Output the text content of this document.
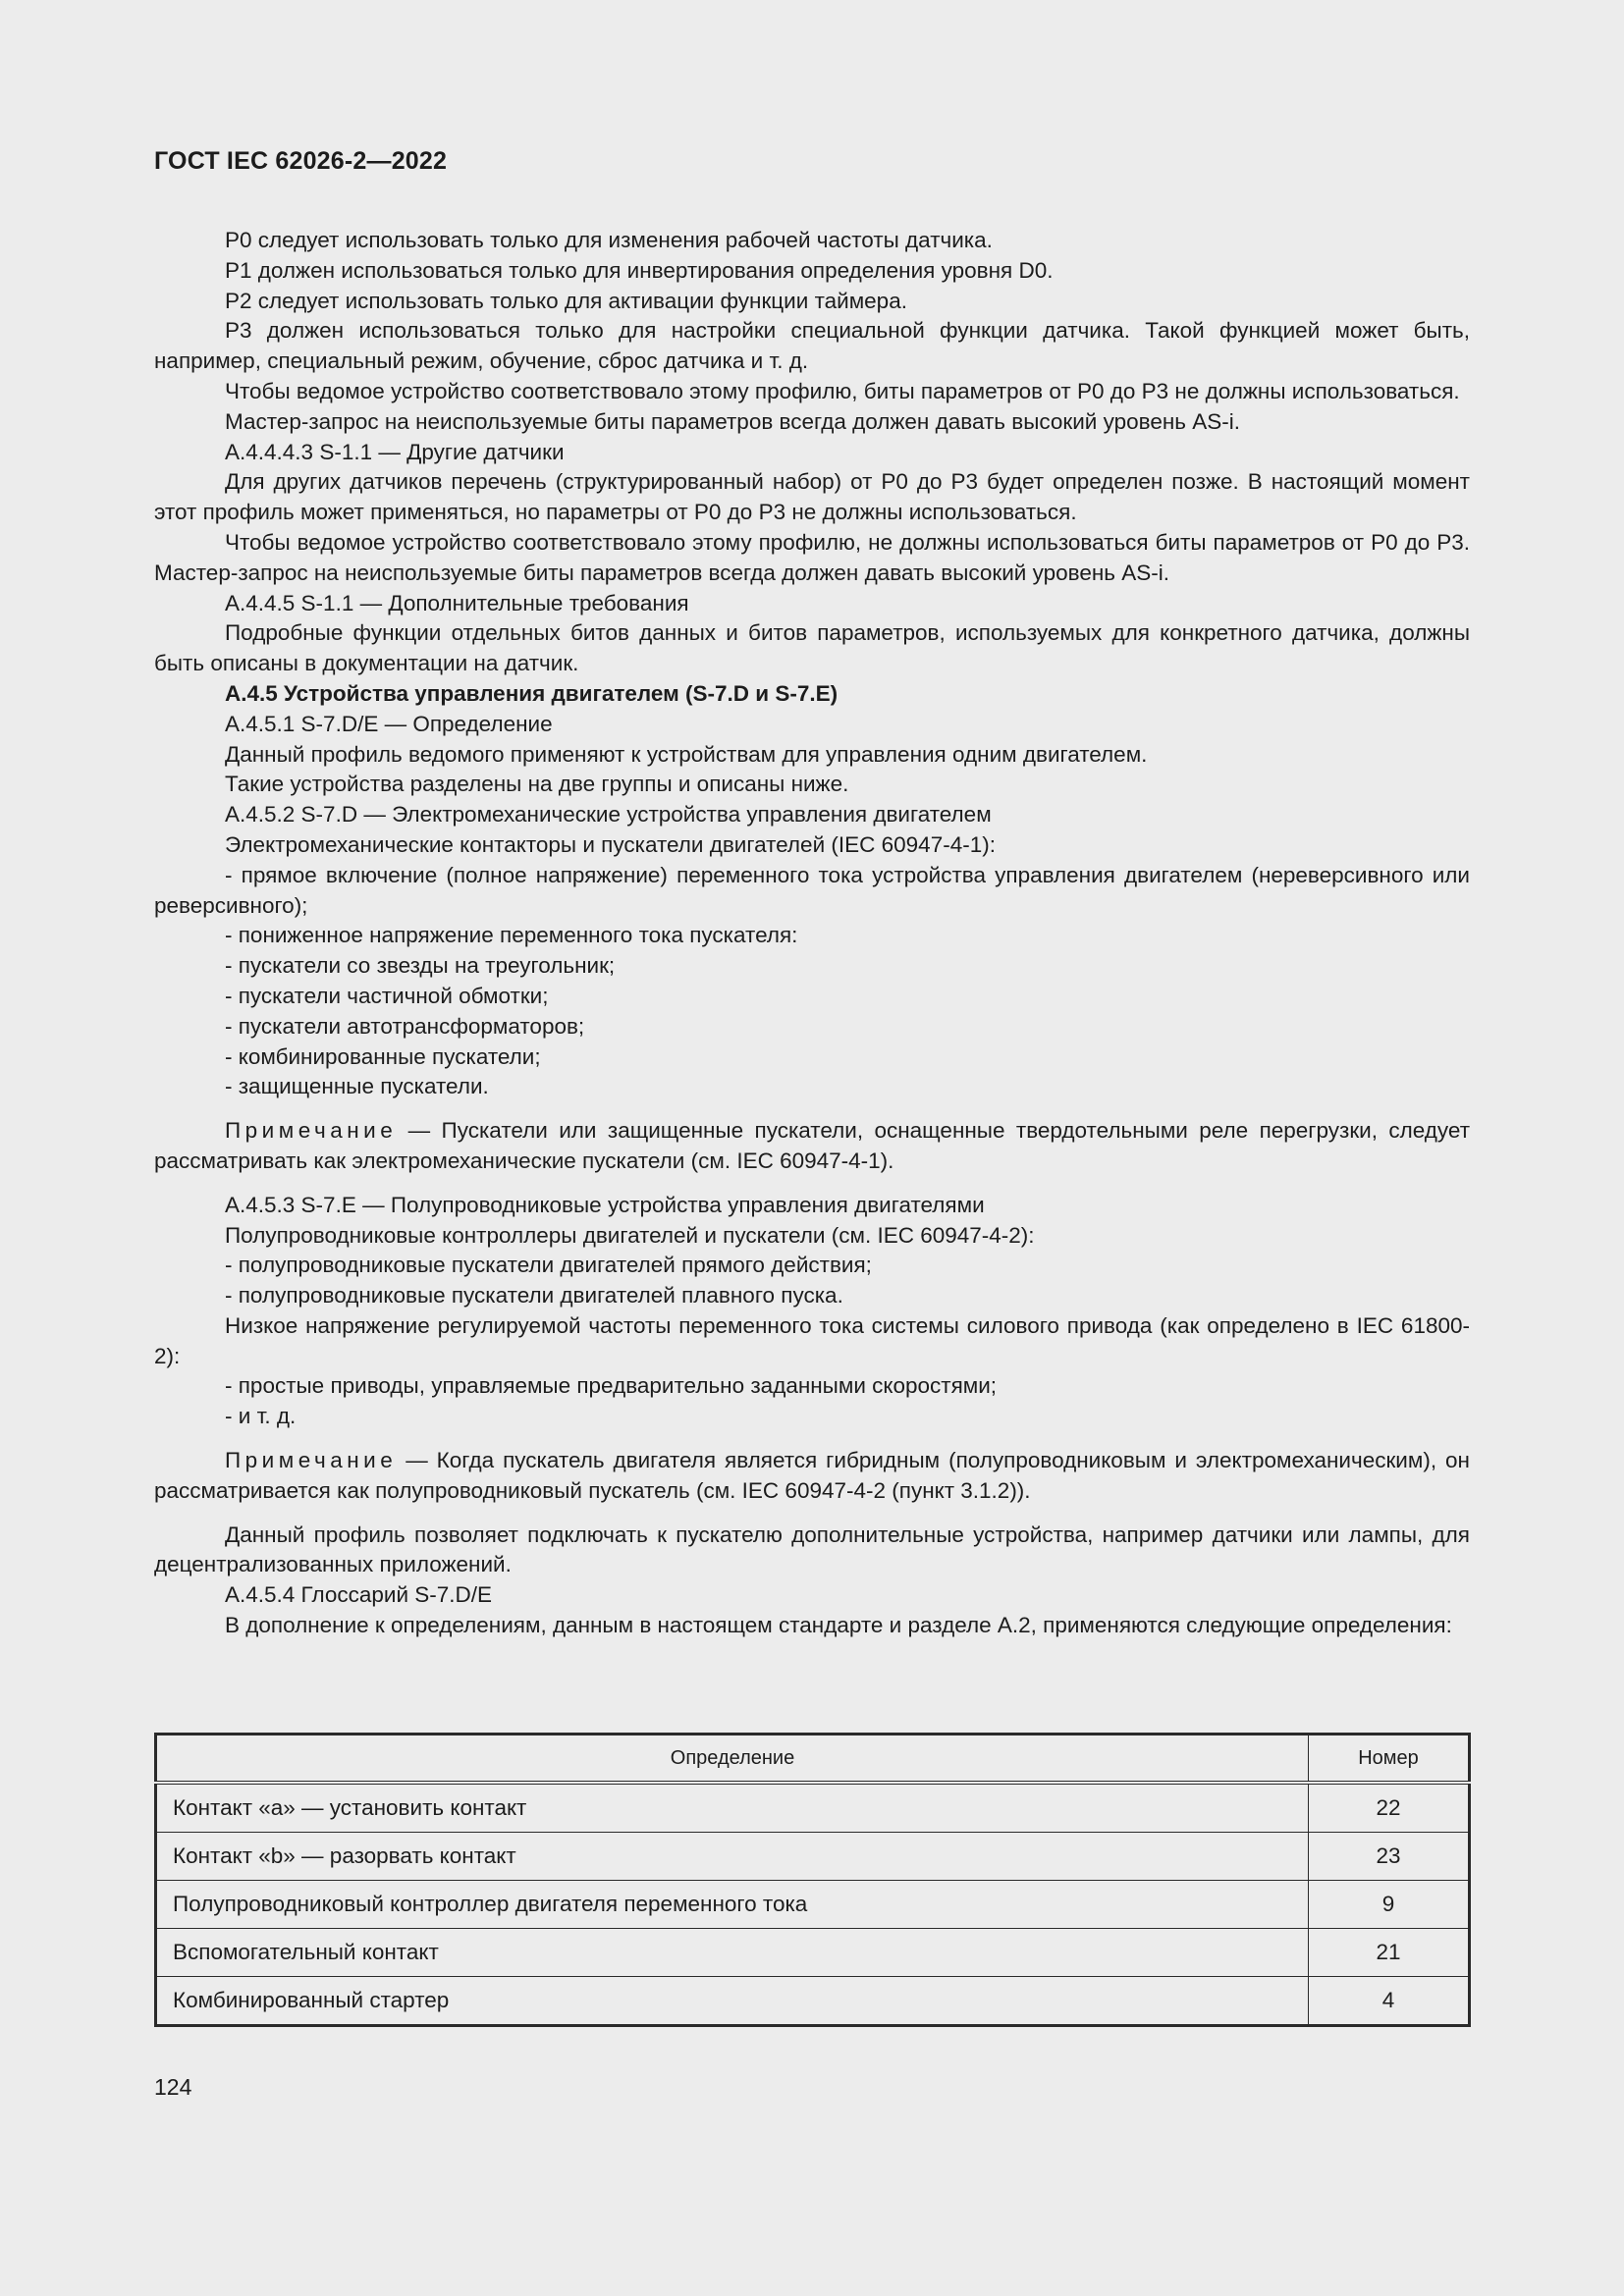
ГОСТ IEC 62026-2—2022

P0 следует использовать только для изменения рабочей частоты датчика.

P1 должен использоваться только для инвертирования определения уровня D0.

P2 следует использовать только для активации функции таймера.

P3 должен использоваться только для настройки специальной функции датчика. Такой функцией может быть, например, специальный режим, обучение, сброс датчика и т. д.

Чтобы ведомое устройство соответствовало этому профилю, биты параметров от P0 до P3 не должны использоваться.

Мастер-запрос на неиспользуемые биты параметров всегда должен давать высокий уровень AS-i.

А.4.4.4.3 S-1.1 — Другие датчики

Для других датчиков перечень (структурированный набор) от P0 до P3 будет определен позже. В настоящий момент этот профиль может применяться, но параметры от P0 до P3 не должны использоваться.

Чтобы ведомое устройство соответствовало этому профилю, не должны использоваться биты параметров от P0 до P3. Мастер-запрос на неиспользуемые биты параметров всегда должен давать высокий уровень AS-i.

А.4.4.5 S-1.1 — Дополнительные требования

Подробные функции отдельных битов данных и битов параметров, используемых для конкретного датчика, должны быть описаны в документации на датчик.

А.4.5 Устройства управления двигателем (S-7.D и S-7.E)

А.4.5.1 S-7.D/E — Определение

Данный профиль ведомого применяют к устройствам для управления одним двигателем.

Такие устройства разделены на две группы и описаны ниже.

А.4.5.2 S-7.D — Электромеханические устройства управления двигателем

Электромеханические контакторы и пускатели двигателей (IEC 60947-4-1):

- прямое включение (полное напряжение) переменного тока устройства управления двигателем (нереверсивного или реверсивного);

- пониженное напряжение переменного тока пускателя:

- пускатели со звезды на треугольник;

- пускатели частичной обмотки;

- пускатели автотрансформаторов;

- комбинированные пускатели;

- защищенные пускатели.

Примечание — Пускатели или защищенные пускатели, оснащенные твердотельными реле перегрузки, следует рассматривать как электромеханические пускатели (см. IEC 60947-4-1).

А.4.5.3 S-7.E — Полупроводниковые устройства управления двигателями

Полупроводниковые контроллеры двигателей и пускатели (см. IEC 60947-4-2):

- полупроводниковые пускатели двигателей прямого действия;

- полупроводниковые пускатели двигателей плавного пуска.

Низкое напряжение регулируемой частоты переменного тока системы силового привода (как определено в IEC 61800-2):

- простые приводы, управляемые предварительно заданными скоростями;

- и т. д.

Примечание — Когда пускатель двигателя является гибридным (полупроводниковым и электромеханическим), он рассматривается как полупроводниковый пускатель (см. IEC 60947-4-2 (пункт 3.1.2)).

Данный профиль позволяет подключать к пускателю дополнительные устройства, например датчики или лампы, для децентрализованных приложений.

А.4.5.4 Глоссарий S-7.D/E

В дополнение к определениям, данным в настоящем стандарте и разделе А.2, применяются следующие определения:

Определение	Номер
Контакт «а» — установить контакт	22
Контакт «b» — разорвать контакт	23
Полупроводниковый контроллер двигателя переменного тока	9
Вспомогательный контакт	21
Комбинированный стартер	4
124
